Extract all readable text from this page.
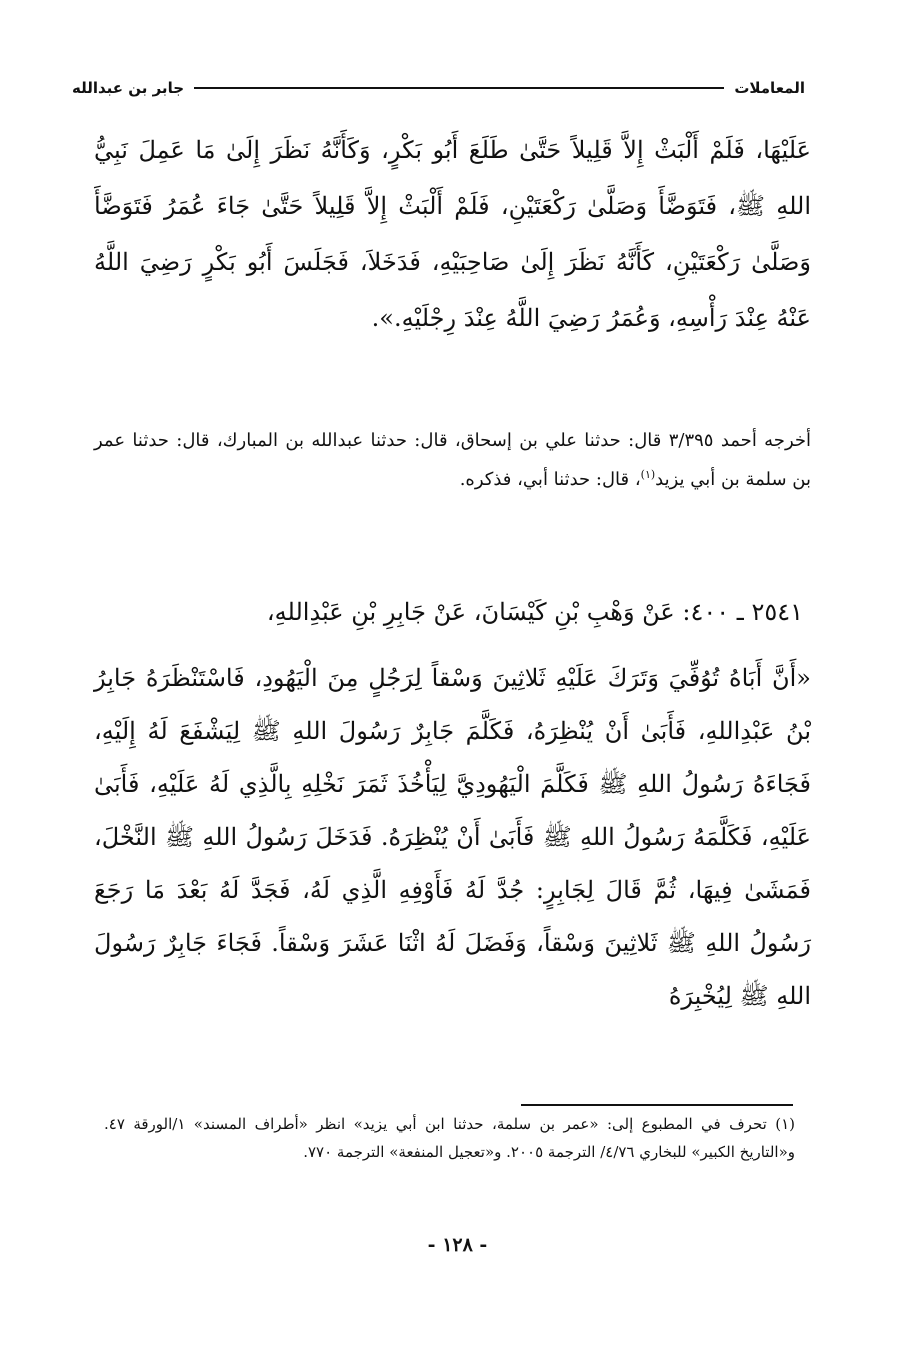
المعاملات
جابر بن عبدالله
عَلَيْهَا، فَلَمْ أَلْبَثْ إِلاَّ قَلِيلاً حَتَّىٰ طَلَعَ أَبُو بَكْرٍ، وَكَأَنَّهُ نَظَرَ إِلَىٰ مَا عَمِلَ نَبِيُّ اللهِ ﷺ، فَتَوَضَّأَ وَصَلَّىٰ رَكْعَتَيْنِ، فَلَمْ أَلْبَثْ إِلاَّ قَلِيلاً حَتَّىٰ جَاءَ عُمَرُ فَتَوَضَّأَ وَصَلَّىٰ رَكْعَتَيْنِ، كَأَنَّهُ نَظَرَ إِلَىٰ صَاحِبَيْهِ، فَدَخَلاَ، فَجَلَسَ أَبُو بَكْرٍ رَضِيَ اللَّهُ عَنْهُ عِنْدَ رَأْسِهِ، وَعُمَرُ رَضِيَ اللَّهُ عِنْدَ رِجْلَيْهِ.».
أخرجه أحمد ٣/٣٩٥ قال: حدثنا علي بن إسحاق، قال: حدثنا عبدالله بن المبارك، قال: حدثنا عمر بن سلمة بن أبي يزيد$^{(١)}$، قال: حدثنا أبي، فذكره.
٢٥٤١ ـ ٤٠٠: عَنْ وَهْبِ بْنِ كَيْسَانَ، عَنْ جَابِرِ بْنِ عَبْدِاللهِ،
«أَنَّ أَبَاهُ تُوُفِّيَ وَتَرَكَ عَلَيْهِ ثَلاثِينَ وَسْقاً لِرَجُلٍ مِنَ الْيَهُودِ، فَاسْتَنْظَرَهُ جَابِرُ بْنُ عَبْدِاللهِ، فَأَبَىٰ أَنْ يُنْظِرَهُ، فَكَلَّمَ جَابِرٌ رَسُولَ اللهِ ﷺ لِيَشْفَعَ لَهُ إِلَيْهِ، فَجَاءَهُ رَسُولُ اللهِ ﷺ فَكَلَّمَ الْيَهُودِيَّ لِيَأْخُذَ ثَمَرَ نَخْلِهِ بِالَّذِي لَهُ عَلَيْهِ، فَأَبَىٰ عَلَيْهِ، فَكَلَّمَهُ رَسُولُ اللهِ ﷺ فَأَبَىٰ أَنْ يُنْظِرَهُ. فَدَخَلَ رَسُولُ اللهِ ﷺ النَّخْلَ، فَمَشَىٰ فِيهَا، ثُمَّ قَالَ لِجَابِرٍ: جُدَّ لَهُ فَأَوْفِهِ الَّذِي لَهُ، فَجَدَّ لَهُ بَعْدَ مَا رَجَعَ رَسُولُ اللهِ ﷺ ثَلاثِينَ وَسْقاً، وَفَضَلَ لَهُ اثْنَا عَشَرَ وَسْقاً. فَجَاءَ جَابِرٌ رَسُولَ اللهِ ﷺ لِيُخْبِرَهُ
(١) تحرف في المطبوع إلى: «عمر بن سلمة، حدثنا ابن أبي يزيد» انظر «أطراف المسند» ١/الورقة ٤٧. و«التاريخ الكبير» للبخاري ٤/٧٦/ الترجمة ٢٠٠٥. و«تعجيل المنفعة» الترجمة ٧٧٠.
- ١٢٨ -
